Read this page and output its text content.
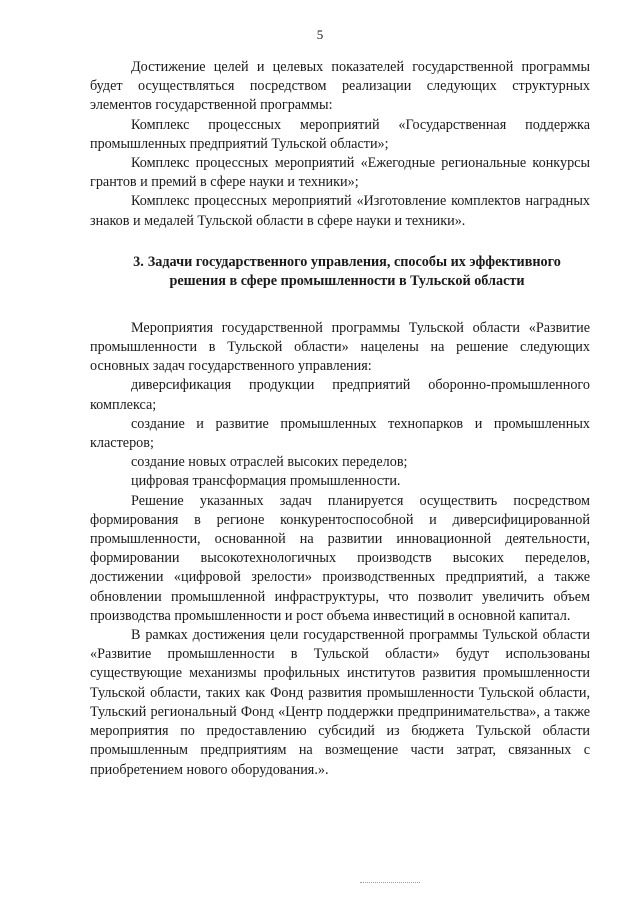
5

Достижение целей и целевых показателей государственной программы будет осуществляться посредством реализации следующих структурных элементов государственной программы:

Комплекс процессных мероприятий «Государственная поддержка промышленных предприятий Тульской области»;

Комплекс процессных мероприятий «Ежегодные региональные конкурсы грантов и премий в сфере науки и техники»;

Комплекс процессных мероприятий «Изготовление комплектов наградных знаков и медалей Тульской области в сфере науки и техники».

3. Задачи государственного управления, способы их эффективного решения в сфере промышленности в Тульской области

Мероприятия государственной программы Тульской области «Развитие промышленности в Тульской области» нацелены на решение следующих основных задач государственного управления:

диверсификация продукции предприятий оборонно-промышленного комплекса;

создание и развитие промышленных технопарков и промышленных кластеров;

создание новых отраслей высоких переделов;

цифровая трансформация промышленности.

Решение указанных задач планируется осуществить посредством формирования в регионе конкурентоспособной и диверсифицированной промышленности, основанной на развитии инновационной деятельности, формировании высокотехнологичных производств высоких переделов, достижении «цифровой зрелости» производственных предприятий, а также обновлении промышленной инфраструктуры, что позволит увеличить объем производства промышленности и рост объема инвестиций в основной капитал.

В рамках достижения цели государственной программы Тульской области «Развитие промышленности в Тульской области» будут использованы существующие механизмы профильных институтов развития промышленности Тульской области, таких как Фонд развития промышленности Тульской области, Тульский региональный Фонд «Центр поддержки предпринимательства», а также мероприятия по предоставлению субсидий из бюджета Тульской области промышленным предприятиям на возмещение части затрат, связанных с приобретением нового оборудования.».
